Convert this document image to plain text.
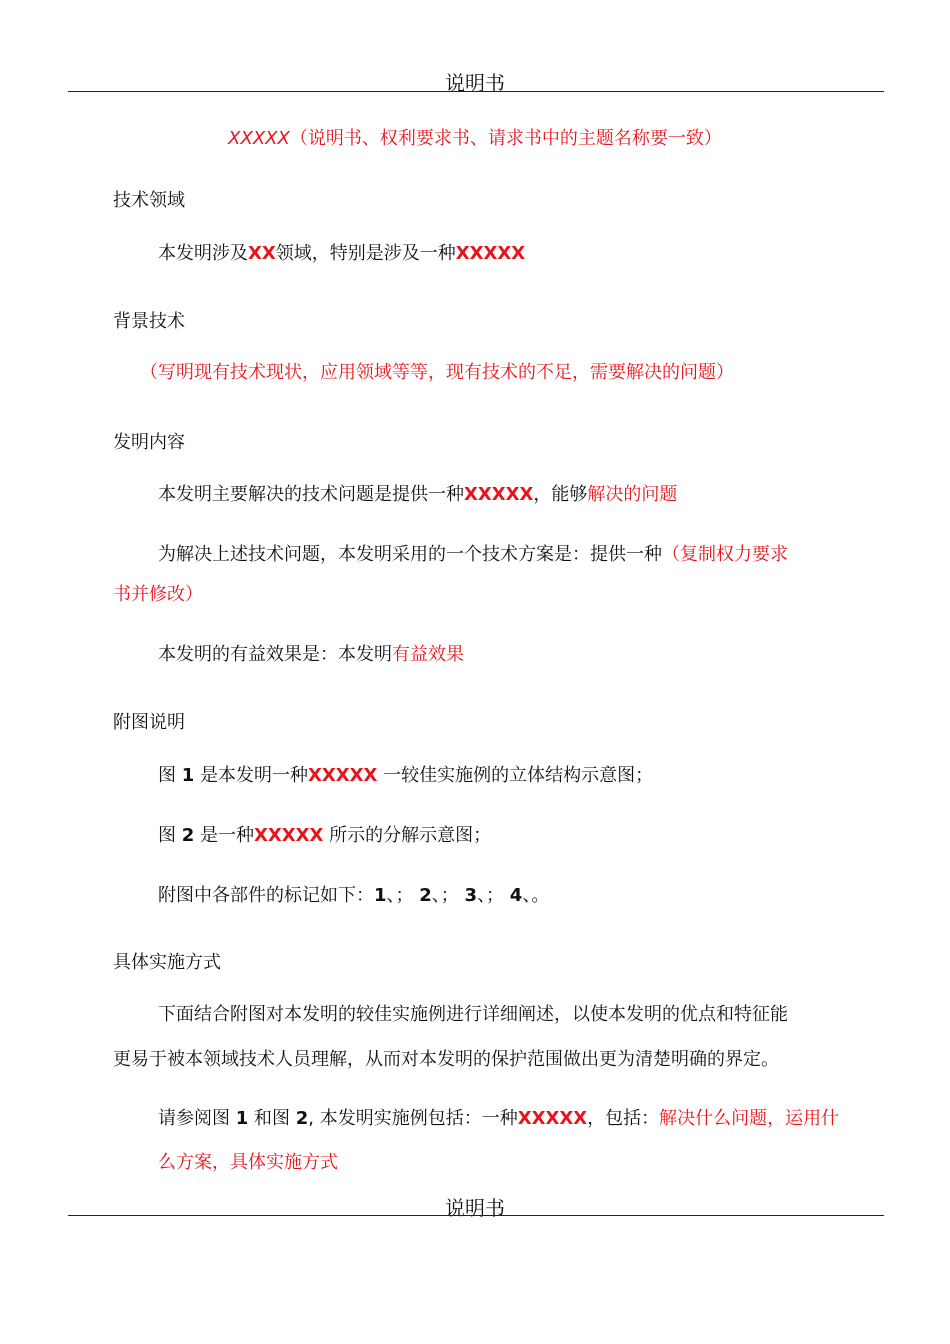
说明书
XXXXX（说明书、权利要求书、请求书中的主题名称要一致）
技术领域
本发明涉及XX领域，特别是涉及一种XXXXX
背景技术
（写明现有技术现状，应用领域等等，现有技术的不足，需要解决的问题）
发明内容
本发明主要解决的技术问题是提供一种XXXXX，能够解决的问题
为解决上述技术问题，本发明采用的一个技术方案是：提供一种（复制权力要求
书并修改）
本发明的有益效果是：本发明有益效果
附图说明
图 1 是本发明一种XXXXX 一较佳实施例的立体结构示意图；
图 2 是一种XXXXX 所示的分解示意图；
附图中各部件的标记如下：1、； 2、； 3、； 4、。
具体实施方式
下面结合附图对本发明的较佳实施例进行详细阐述，以使本发明的优点和特征能
更易于被本领域技术人员理解，从而对本发明的保护范围做出更为清楚明确的界定。
请参阅图 1 和图 2, 本发明实施例包括：一种XXXXX，包括：解决什么问题，运用什
么方案，具体实施方式
说明书
